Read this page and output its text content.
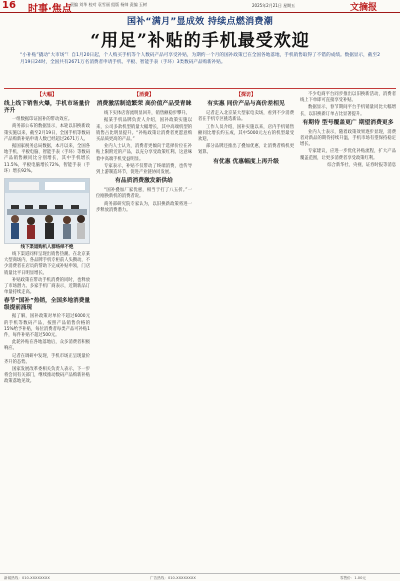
16 时事·焦点
责编 刘华 校对 袁雪丽 组版 杨帅 责编 玉树	2025年2月21日 星期五	文摘报
国补“满月”显成效 持续点燃消费潮
“用足”补贴的手机最受欢迎
“小补贴”撬动“大市场”！自1月20日起，个人购买手机等个人数码产品可享受补贴，为期约一个月的国补政策已在全国各地落地，手机销售取得了不错的成绩。数据显示，截至2月19日24时，全国共有2671万名消费者申请手机、平板、智能手表（手环）3类数码产品购新补贴。
【大幅】
线上线下销售火爆，手机市场量价齐升

一组数据印证国补的带动效应。

商务部公布的数据显示，本轮以旧换新政策实施以来，截至2月19日，全国手机等数码产品购新补贴申请人数已经超过2671万人。

据国家税务总局数据，本月以来，全国各地手机、平板电脑、智能手表（手环）等数码产品销售额同比分别增长，其中手机增长11.5%，平板电脑增长72%，智能手表（手环）增长92%。

线下渠道购机人群络绎不绝

线下渠道同样呈现出销售热潮。在北京某大型商场内，各品牌手机专柜前人头攒动，不少消费者在店员的帮助下完成补贴申领，门店销量比平日明显增长。

补贴政策在带动手机消费的同时，也释放了市场潜力。多家手机厂商表示，近期新品订单量持续走高。

春节“国补”热销，全国多地消费量级提前涌现

据了解，国补政策对单价不超过6000元的手机等数码产品，按照产品销售价格的15%给予补贴，每位消费者每类产品可补贴1件，每件补贴不超过500元。

此轮补贴在各地落地后，众多消费者积极响应。

记者在调研中发现，手机市场正呈现量价齐升的态势。

国家发展改革委相关负责人表示，下一步将会同有关部门，继续推动数码产品购新补贴政策落地见效。

【消费】
消费激活制造繁荣 高价值产品受青睐

线下实体店客流明显回升，销售额稳步攀升。

据某手机品牌负责人介绍，国补政策实施以来，公司多款机型销量大幅增长，其中高端机型的销售占比明显提升。“补贴政策让消费者更愿意购买品质更高的产品。”

业内人士认为，消费者更倾向于选择价位在补贴上限附近的产品，以充分享受政策红利。这意味着中高端手机受益明显。

专家表示，补贴不仅带动了终端消费，也传导到上游制造环节，促进产业链协同发展。

有品质消费激发新供给

“国补叠加厂家优惠，相当于打了八五折。”一位刚换新机的消费者说。

商务部研究院专家认为，以旧换新政策将进一步释放消费潜力。

【探访】
有实惠 同价产品与高价差相见

记者走入北京某大型家电卖场，看到不少消费者在手机专区挑选新品。

工作人员介绍，国补实施以来，店内手机销售额同比增长约五成，其中5000元左右的机型最受欢迎。

部分品牌还推出了叠加优惠，让消费者购机更划算。

有优惠 优惠幅度上再升级

不少电商平台同步推出以旧换新活动，消费者线上下单即可直接享受补贴。

数据显示，春节期间平台手机销量同比大幅增长，以旧换新订单占比显著提升。

有期待 型号覆盖更广 期望消费更多

业内人士表示，随着政策效果逐步显现，消费者对新品的期待持续升温，手机市场有望保持稳定增长。

专家建议，应进一步优化补贴流程，扩大产品覆盖范围，让更多消费者享受政策红利。

综合新华社、央视、证券时报等消息

新闻热线：010-XXXXXXXX	广告热线：010-XXXXXXXX	零售价：1.00元
